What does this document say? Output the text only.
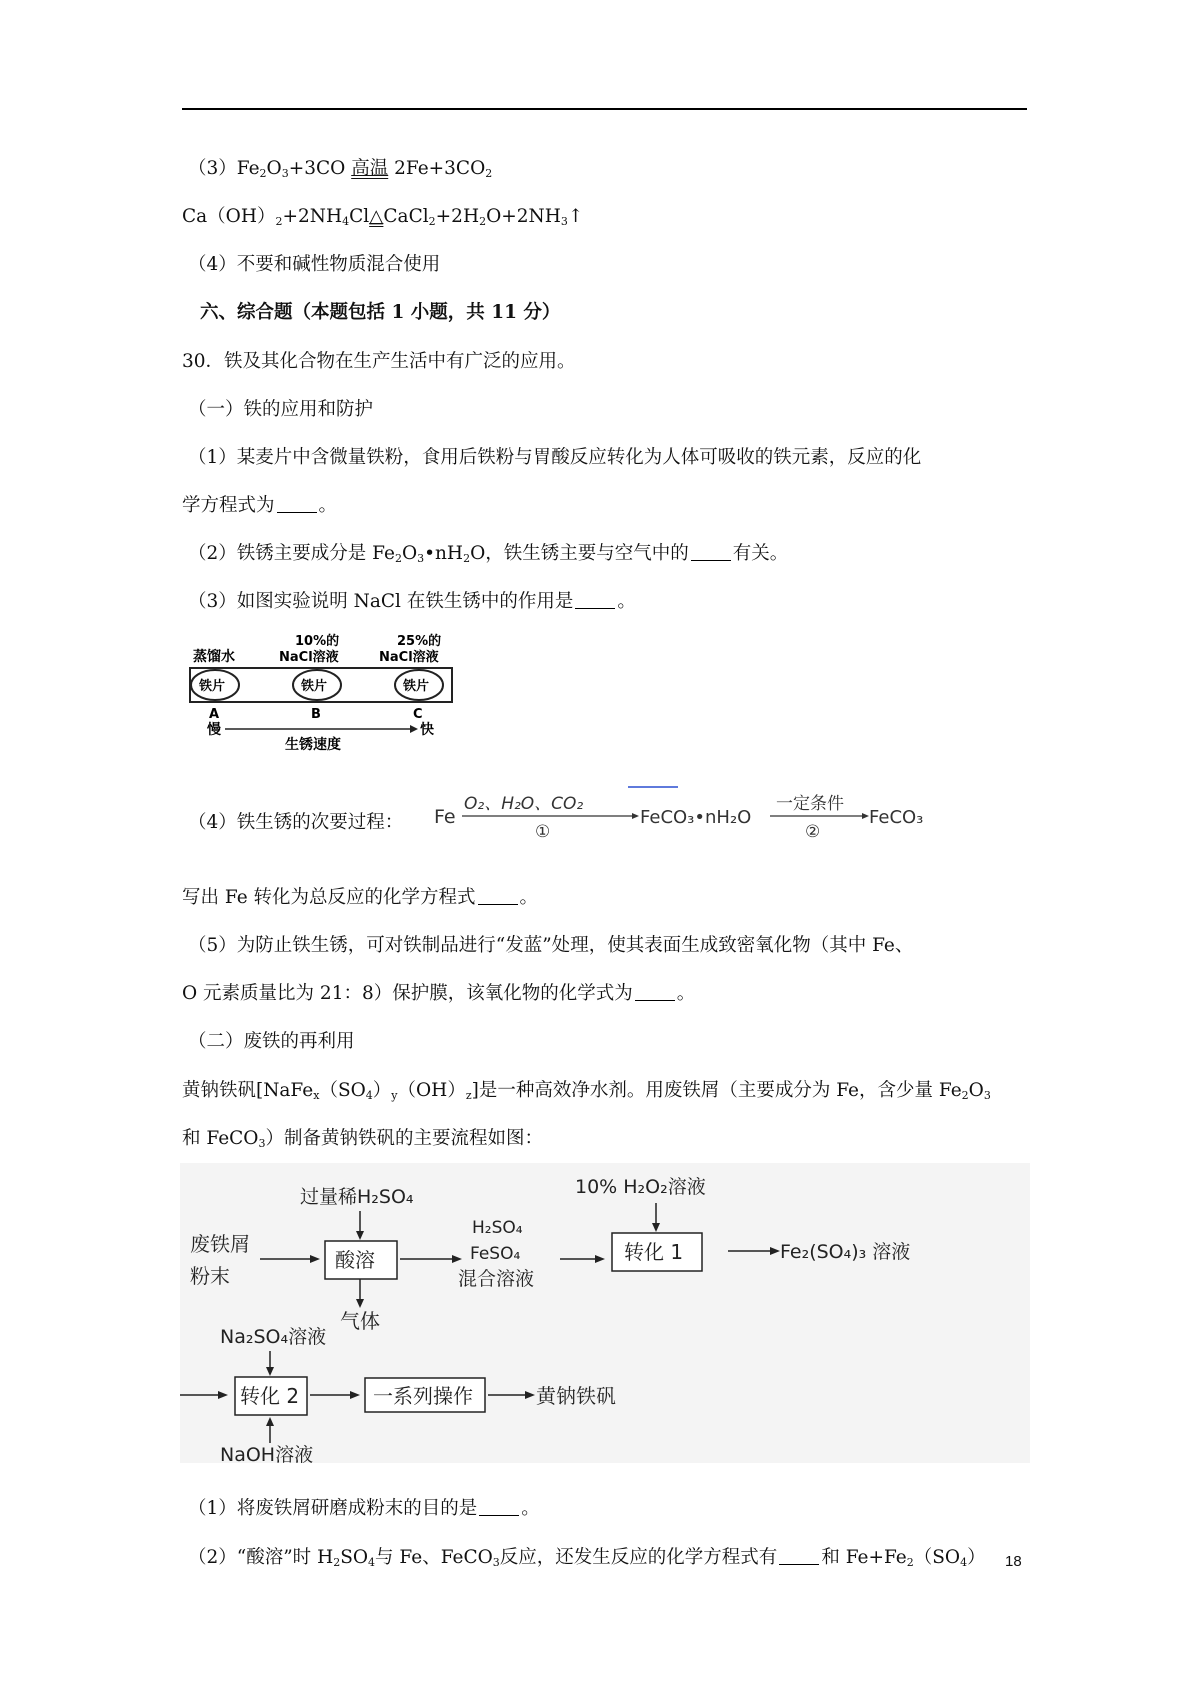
$(3)Fe_2O_3+3CO$ 高温 $2Fe+3CO_2$
$Ca(OH)_2+2NH_4Cl\triangle CaCl_2+2H_2O+2NH_3↑$
（4）不要和碱性物质混合使用
六、综合题（本题包括 1 小题，共 11 分）
30．铁及其化合物在生产生活中有广泛的应用。
（一）铁的应用和防护
（1）某麦片中含微量铁粉，食用后铁粉与胃酸反应转化为人体可吸收的铁元素，反应的化
学方程式为 。
（2）铁锈主要成分是 $Fe_2O_3•nH_2O$，铁生锈主要与空气中的 有关。
（3）如图实验说明 NaCl 在铁生锈中的作用是 。
蒸馏水
10%的
NaCl溶液
25%的
NaCl溶液
铁片	铁片	铁片
A	B	C
慢	快
生锈速度
（4）铁生锈的次要过程： Fe
O₂、H₂O、CO₂
①
FeCO₃•nH₂O
一定条件
②
FeCO₃
写出 Fe 转化为总反应的化学方程式 。
（5）为防止铁生锈，可对铁制品进行“发蓝”处理，使其表面生成致密氧化物（其中 Fe、
O 元素质量比为 21：8）保护膜，该氧化物的化学式为 。
（二）废铁的再利用
黄钠铁矾$[NaFe_x(SO_4)_y(OH)_z]$是一种高效净水剂。用废铁屑（主要成分为 Fe，含少量 $Fe_2O_3$
和 FeCO$_3$）制备黄钠铁矾的主要流程如图：
废铁屑
粉末
过量稀H₂SO₄
酸溶
气体
H₂SO₄
FeSO₄
混合溶液
10% H₂O₂溶液
转化 1	Fe₂(SO₄)₃ 溶液
Na₂SO₄溶液
转化 2
NaOH溶液
一系列操作	黄钠铁矾
（1）将废铁屑研磨成粉末的目的是 。
（2）“酸溶”时 $H_2SO_4$与 Fe、FeCO$_3$反应，还发生反应的化学方程式有 和 $Fe+Fe_2(SO_4)$ 18
